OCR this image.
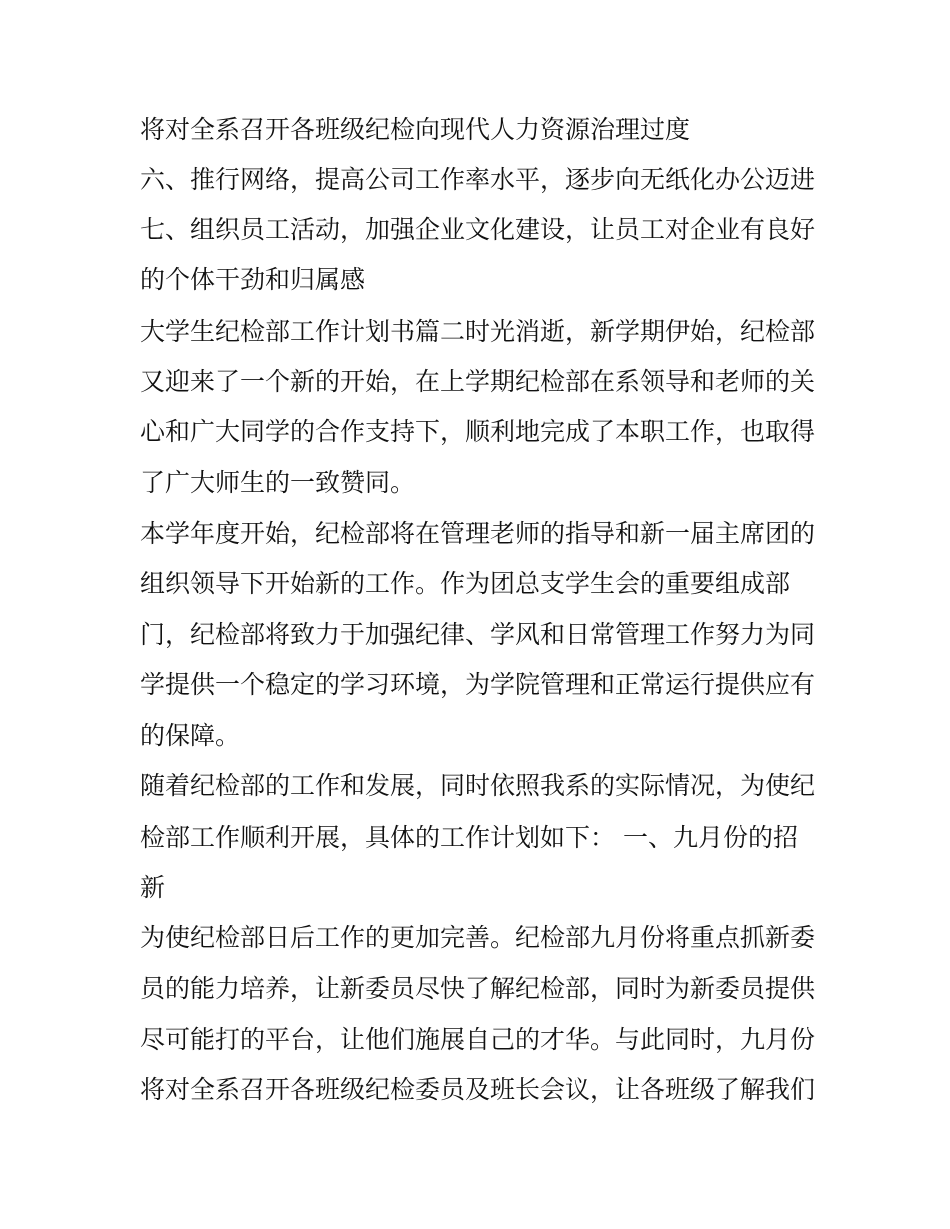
将对全系召开各班级纪检向现代人力资源治理过度
六、推行网络，提高公司工作率水平，逐步向无纸化办公迈进
七、组织员工活动，加强企业文化建设，让员工对企业有良好
的个体干劲和归属感
大学生纪检部工作计划书篇二时光消逝，新学期伊始，纪检部
又迎来了一个新的开始，在上学期纪检部在系领导和老师的关
心和广大同学的合作支持下，顺利地完成了本职工作，也取得
了广大师生的一致赞同。
本学年度开始，纪检部将在管理老师的指导和新一届主席团的
组织领导下开始新的工作。作为团总支学生会的重要组成部
门，纪检部将致力于加强纪律、学风和日常管理工作努力为同
学提供一个稳定的学习环境，为学院管理和正常运行提供应有
的保障。
随着纪检部的工作和发展，同时依照我系的实际情况，为使纪
检部工作顺利开展，具体的工作计划如下： 一、九月份的招
新
为使纪检部日后工作的更加完善。纪检部九月份将重点抓新委
员的能力培养，让新委员尽快了解纪检部，同时为新委员提供
尽可能打的平台，让他们施展自己的才华。与此同时，九月份
将对全系召开各班级纪检委员及班长会议，让各班级了解我们
